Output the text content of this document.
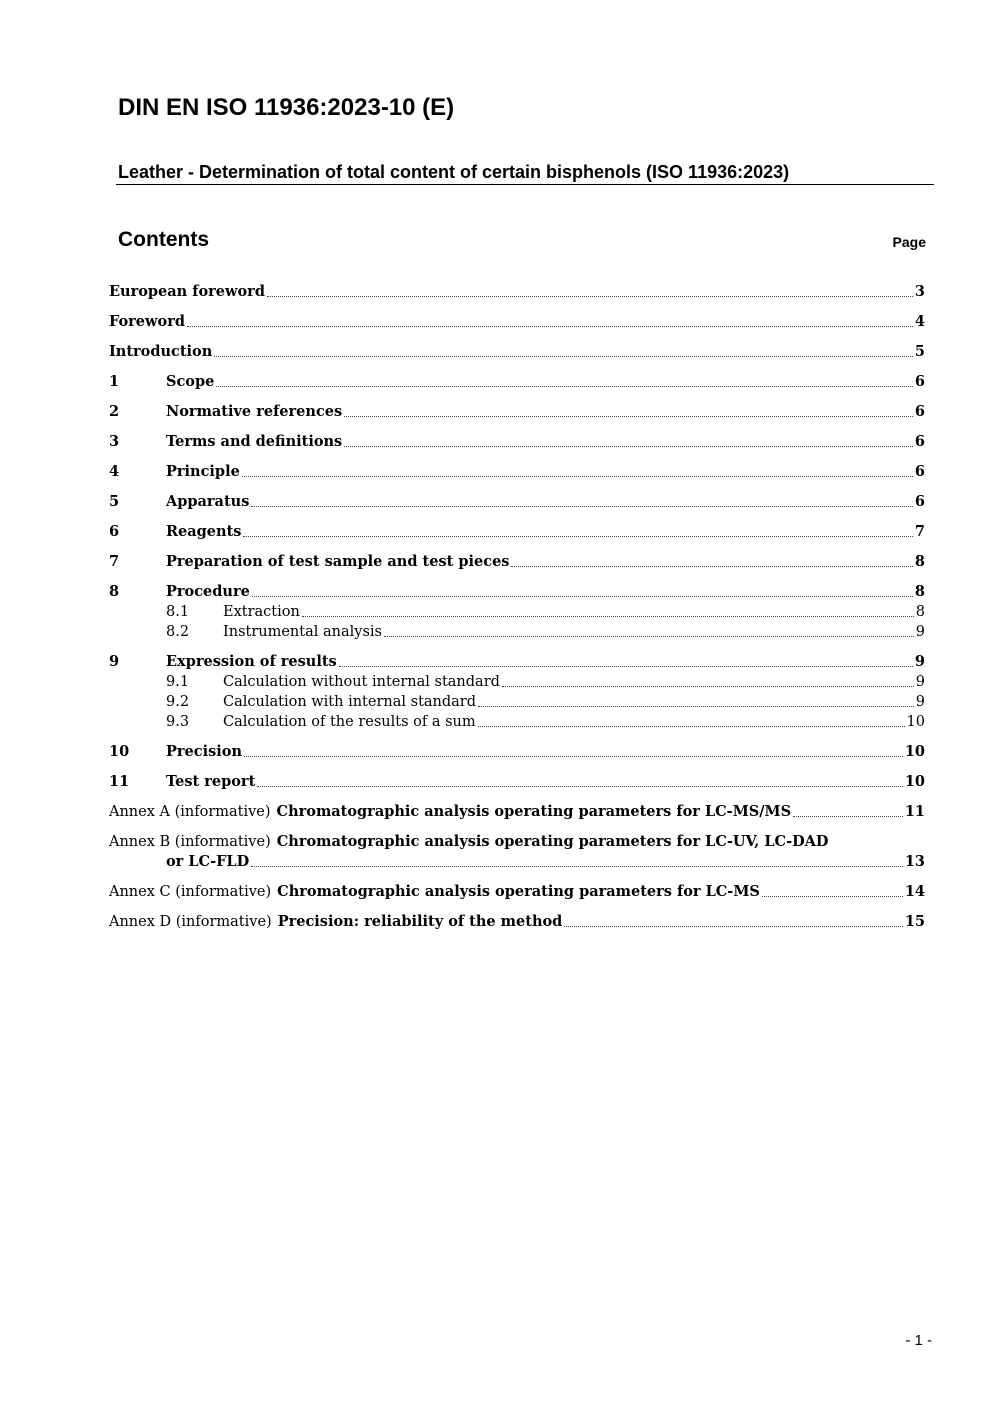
DIN EN ISO 11936:2023-10 (E)
Leather - Determination of total content of certain bisphenols (ISO 11936:2023)
Contents	Page
European foreword	3
Foreword	4
Introduction	5
1	Scope	6
2	Normative references	6
3	Terms and definitions	6
4	Principle	6
5	Apparatus	6
6	Reagents	7
7	Preparation of test sample and test pieces	8
8	Procedure	8
8.1	Extraction	8
8.2	Instrumental analysis	9
9	Expression of results	9
9.1	Calculation without internal standard	9
9.2	Calculation with internal standard	9
9.3	Calculation of the results of a sum	10
10	Precision	10
11	Test report	10
Annex A (informative) Chromatographic analysis operating parameters for LC-MS/MS	11
Annex B (informative) Chromatographic analysis operating parameters for LC-UV, LC-DAD
or LC-FLD	13
Annex C (informative) Chromatographic analysis operating parameters for LC-MS	14
Annex D (informative) Precision: reliability of the method	15
- 1 -
